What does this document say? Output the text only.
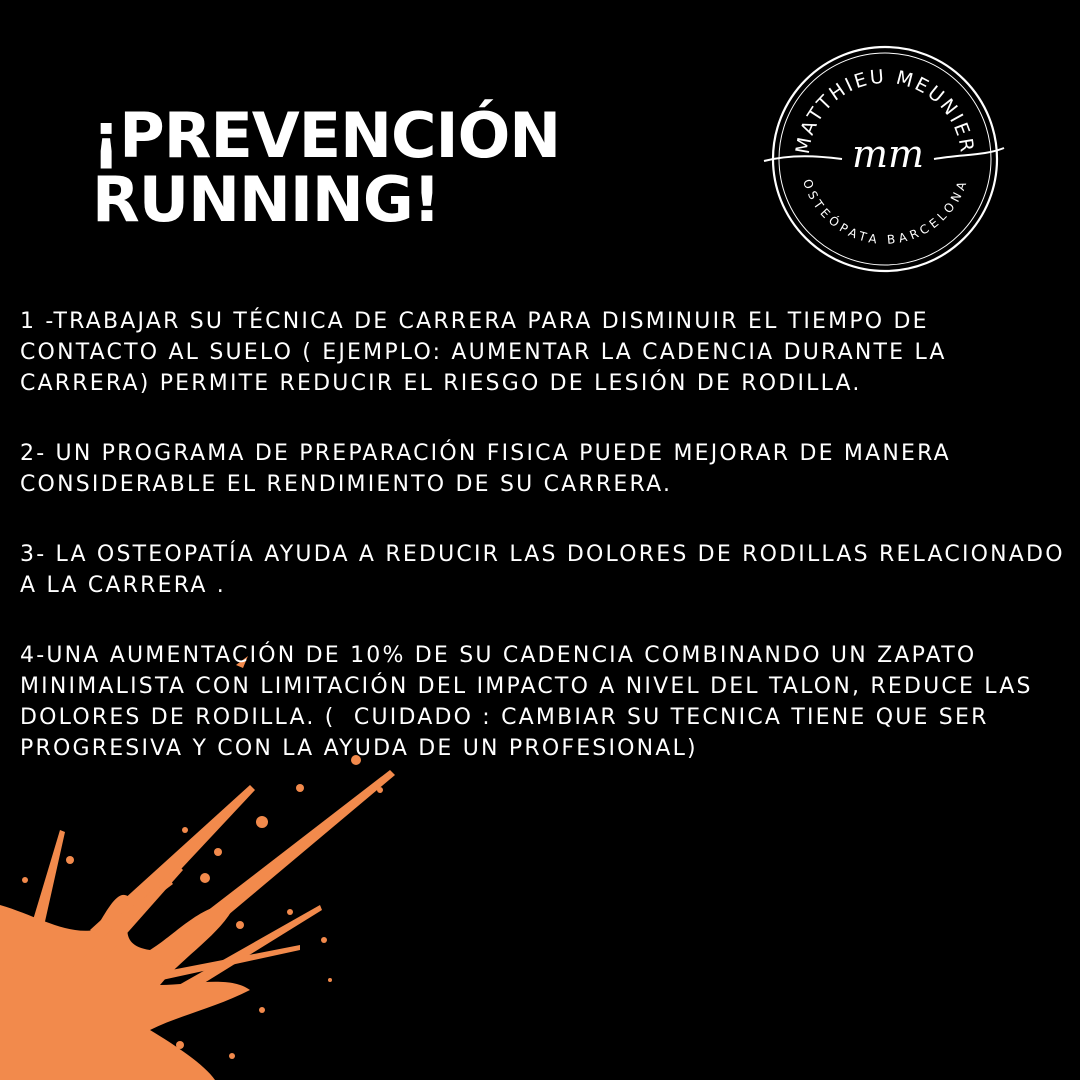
¡PREVENCIÓN
RUNNING!
MATTHIEU MEUNIER
mm
OSTEÓPATA BARCELONA

1 -TRABAJAR SU TÉCNICA DE CARRERA PARA DISMINUIR EL TIEMPO DE CONTACTO AL SUELO ( EJEMPLO: AUMENTAR LA CADENCIA DURANTE LA CARRERA) PERMITE REDUCIR EL RIESGO DE LESIÓN DE RODILLA.

2- UN PROGRAMA DE PREPARACIÓN FISICA PUEDE MEJORAR DE MANERA CONSIDERABLE EL RENDIMIENTO DE SU CARRERA.

3- LA OSTEOPATÍA AYUDA A REDUCIR LAS DOLORES DE RODILLAS RELACIONADO A LA CARRERA .

4-UNA AUMENTACIÓN DE 10% DE SU CADENCIA COMBINANDO UN ZAPATO MINIMALISTA CON LIMITACIÓN DEL IMPACTO A NIVEL DEL TALON, REDUCE LAS DOLORES DE RODILLA. (  CUIDADO : CAMBIAR SU TECNICA TIENE QUE SER PROGRESIVA Y CON LA AYUDA DE UN PROFESIONAL)
